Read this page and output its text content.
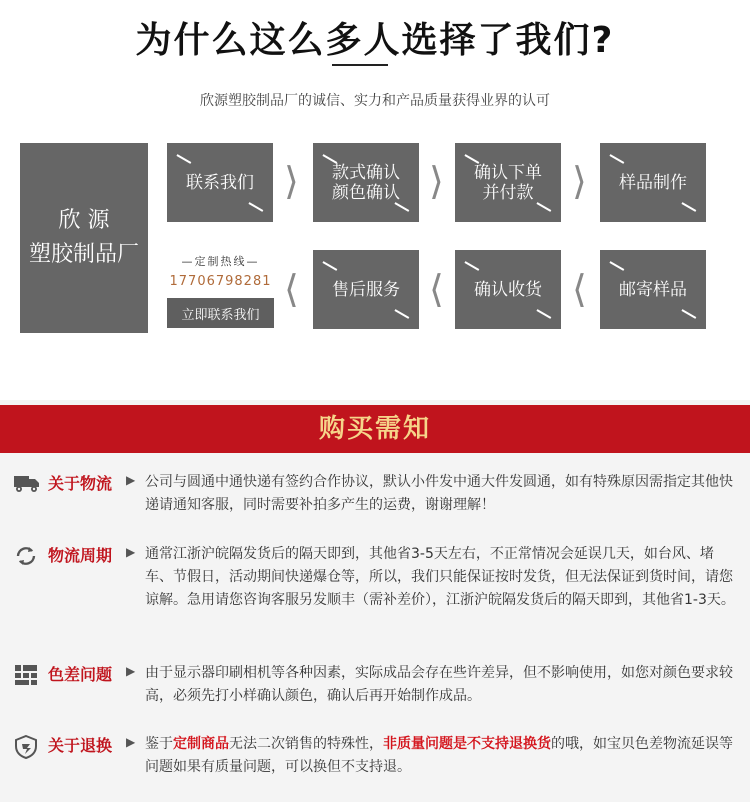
为什么这么多人选择了我们?
欣源塑胶制品厂的诚信、实力和产品质量获得业界的认可
欣 源
塑胶制品厂
联系我们 ⟩ 款式确认
颜色确认 ⟩ 确认下单
并付款 ⟩ 样品制作
—定制热线—
17706798281
立即联系我们
⟨ 售后服务 ⟨ 确认收货 ⟨ 邮寄样品
购买需知
关于物流 ▶ 公司与圆通中通快递有签约合作协议，默认小件发中通大件发圆通，如有特殊原因需指定其他快递请通知客服，同时需要补拍多产生的运费，谢谢理解！
物流周期 ▶ 通常江浙沪皖隔发货后的隔天即到，其他省3-5天左右，不正常情况会延误几天，如台风、堵车、节假日，活动期间快递爆仓等，所以，我们只能保证按时发货，但无法保证到货时间，请您谅解。急用请您咨询客服另发顺丰（需补差价），江浙沪皖隔发货后的隔天即到，其他省1-3天。
色差问题 ▶ 由于显示器印刷相机等各种因素，实际成品会存在些许差异，但不影响使用，如您对颜色要求较高，必须先打小样确认颜色，确认后再开始制作成品。
关于退换 ▶ 鉴于定制商品无法二次销售的特殊性，非质量问题是不支持退换货的哦，如宝贝色差物流延误等问题如果有质量问题，可以换但不支持退。
